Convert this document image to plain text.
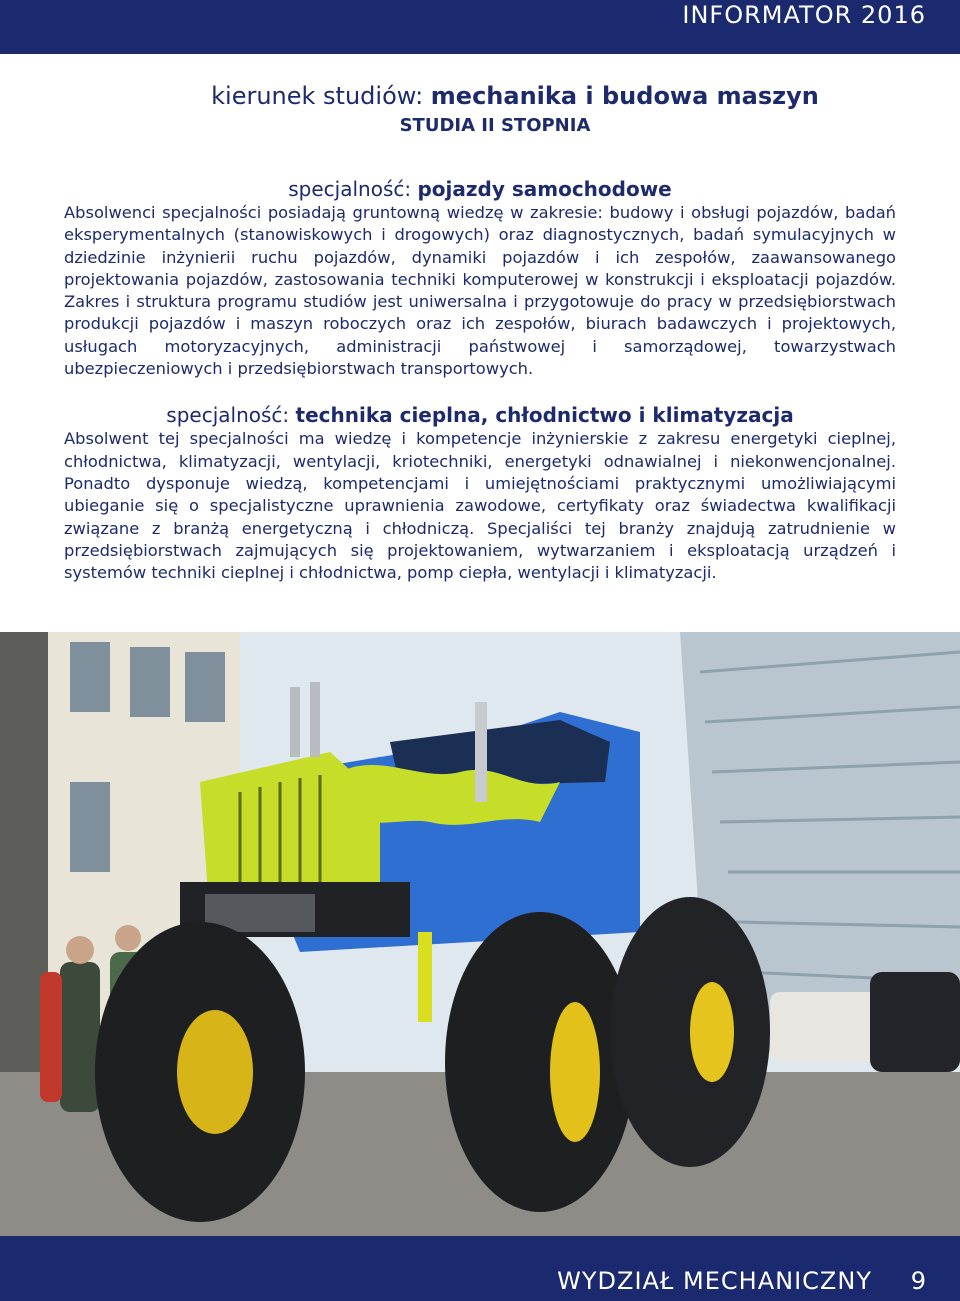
INFORMATOR 2016
kierunek studiów: mechanika i budowa maszyn
STUDIA II STOPNIA
specjalność: pojazdy samochodowe

Absolwenci specjalności posiadają gruntowną wiedzę w zakresie: budowy i obsługi pojazdów, badań eksperymentalnych (stanowiskowych i drogowych) oraz diagnostycznych, badań symulacyjnych w dziedzinie inżynierii ruchu pojazdów, dynamiki pojazdów i ich zespołów, zaawansowanego projektowania pojazdów, zastosowania techniki komputerowej w konstrukcji i eksploatacji pojazdów. Zakres i struktura programu studiów jest uniwersalna i przygotowuje do pracy w przedsiębiorstwach produkcji pojazdów i maszyn roboczych oraz ich zespołów, biurach badawczych i projektowych, usługach motoryzacyjnych, administracji państwowej i samorządowej, towarzystwach ubezpieczeniowych i przedsiębiorstwach transportowych.

specjalność: technika cieplna, chłodnictwo i klimatyzacja

Absolwent tej specjalności ma wiedzę i kompetencje inżynierskie z zakresu energetyki cieplnej, chłodnictwa, klimatyzacji, wentylacji, kriotechniki, energetyki odnawialnej i niekonwencjonalnej. Ponadto dysponuje wiedzą, kompetencjami i umiejętnościami praktycznymi umożliwiającymi ubieganie się o specjalistyczne uprawnienia zawodowe, certyfikaty oraz świadectwa kwalifikacji związane z branżą energetyczną i chłodniczą. Specjaliści tej branży znajdują zatrudnienie w przedsiębiorstwach zajmujących się projektowaniem, wytwarzaniem i eksploatacją urządzeń i systemów techniki cieplnej i chłodnictwa, pomp ciepła, wentylacji i klimatyzacji.

WYDZIAŁ MECHANICZNY 9
